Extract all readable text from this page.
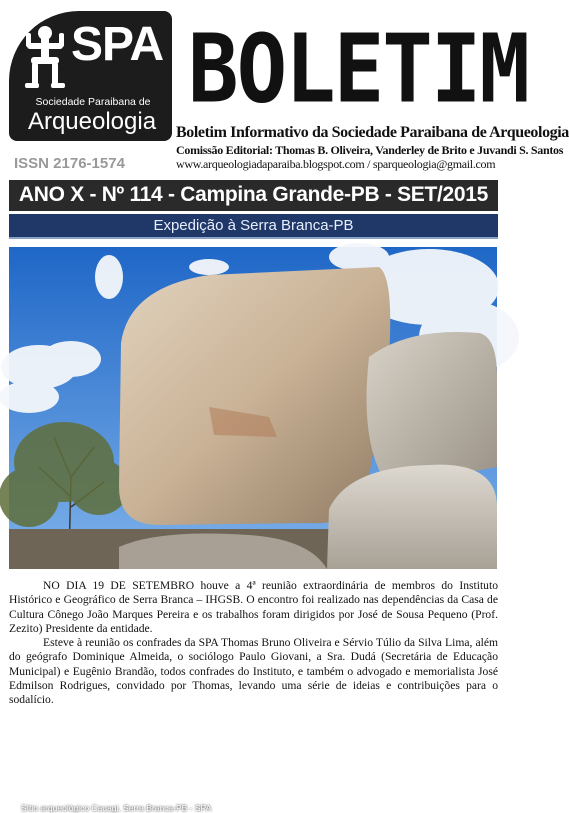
SPA
Sociedade Paraibana de
Arqueologia
ISSN 2176-1574
BOLETIM
Boletim Informativo da Sociedade Paraibana de Arqueologia
Comissão Editorial: Thomas B. Oliveira, Vanderley de Brito e Juvandi S. Santos
www.arqueologiadaparaiba.blogspot.com / sparqueologia@gmail.com
ANO X - Nº 114 - Campina Grande-PB - SET/2015
Expedição à Serra Branca-PB
Sítio arqueológico Cauagi, Serra Branca-PB - SPA

NO DIA 19 DE SETEMBRO houve a 4ª reunião extraordinária de membros do Instituto Histórico e Geográfico de Serra Branca – IHGSB. O encontro foi realizado nas dependências da Casa de Cultura Cônego João Marques Pereira e os trabalhos foram dirigidos por José de Sousa Pequeno (Prof. Zezito) Presidente da entidade.

Esteve à reunião os confrades da SPA Thomas Bruno Oliveira e Sérvio Túlio da Silva Lima, além do geógrafo Dominique Almeida, o sociólogo Paulo Giovani, a Sra. Dudá (Secretária de Educação Municipal) e Eugênio Brandão, todos confrades do Instituto, e também o advogado e memorialista José Edmilson Rodrigues, convidado por Thomas, levando uma série de ideias e contribuições para o sodalício.
